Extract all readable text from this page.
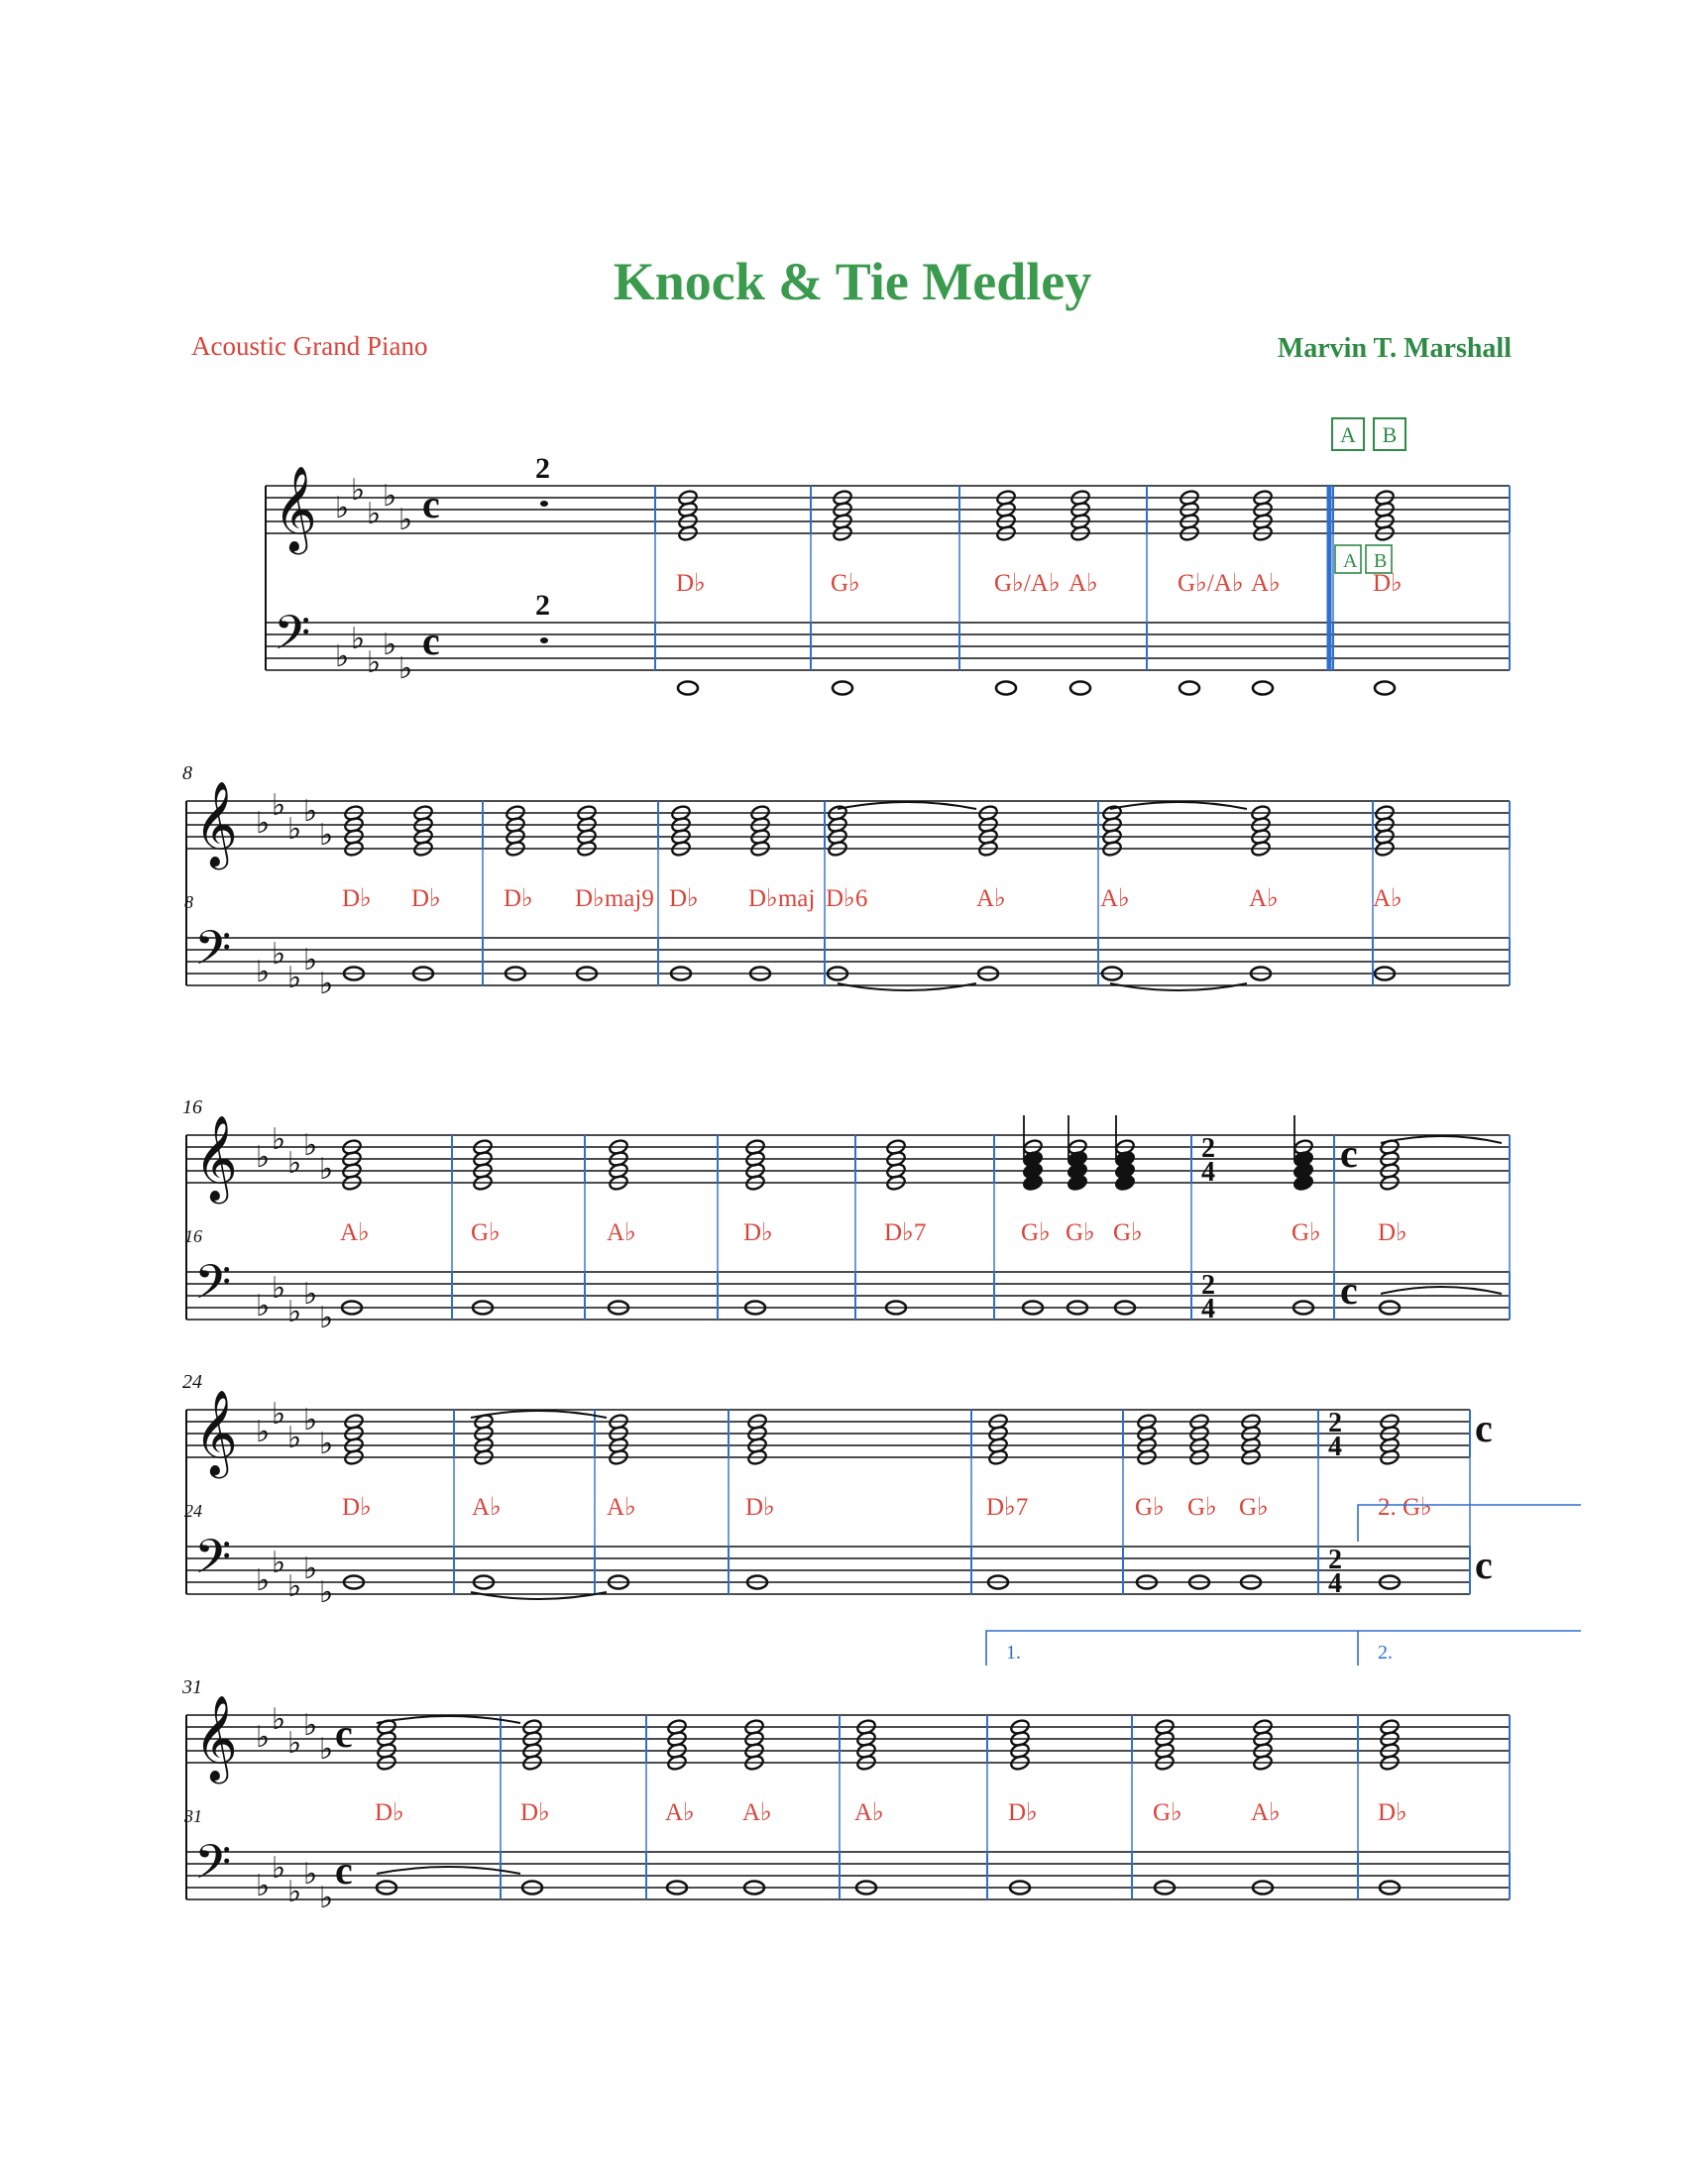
Knock & Tie Medley
Acoustic Grand Piano	Marvin T. Marshall
A B
𝄞
𝄢
♭
♭
♭
♭
♭
♭
♭
♭
♭
♭
c
c
2
2
D♭	G♭	G♭/A♭ A♭	G♭/A♭ A♭	D♭
𝄞
𝄢
♭
♭
♭
♭
♭
♭
♭
♭
♭
♭
8
8	D♭ D♭	D♭ D♭maj9 D♭ D♭maj D♭6	A♭	A♭	A♭	A♭
𝄞
𝄢
♭
♭
♭
♭
♭
♭
♭
♭
♭
♭
16
16
2
4
2
4
c
c
A♭	G♭	A♭	D♭	D♭7	G♭ G♭ G♭	G♭ D♭
𝄞
𝄢
♭
♭
♭
♭
♭
♭
♭
♭
♭
♭
24
24
2
4
2
4
c
c
D♭	A♭	A♭	D♭	D♭7	G♭ G♭ G♭	2. G♭
𝄞
𝄢
♭
♭
♭
♭
♭
♭
♭
♭
♭
♭
31
31
c
c
D♭	D♭	A♭ A♭	A♭	D♭	G♭	A♭	D♭
A B
1.	2.
